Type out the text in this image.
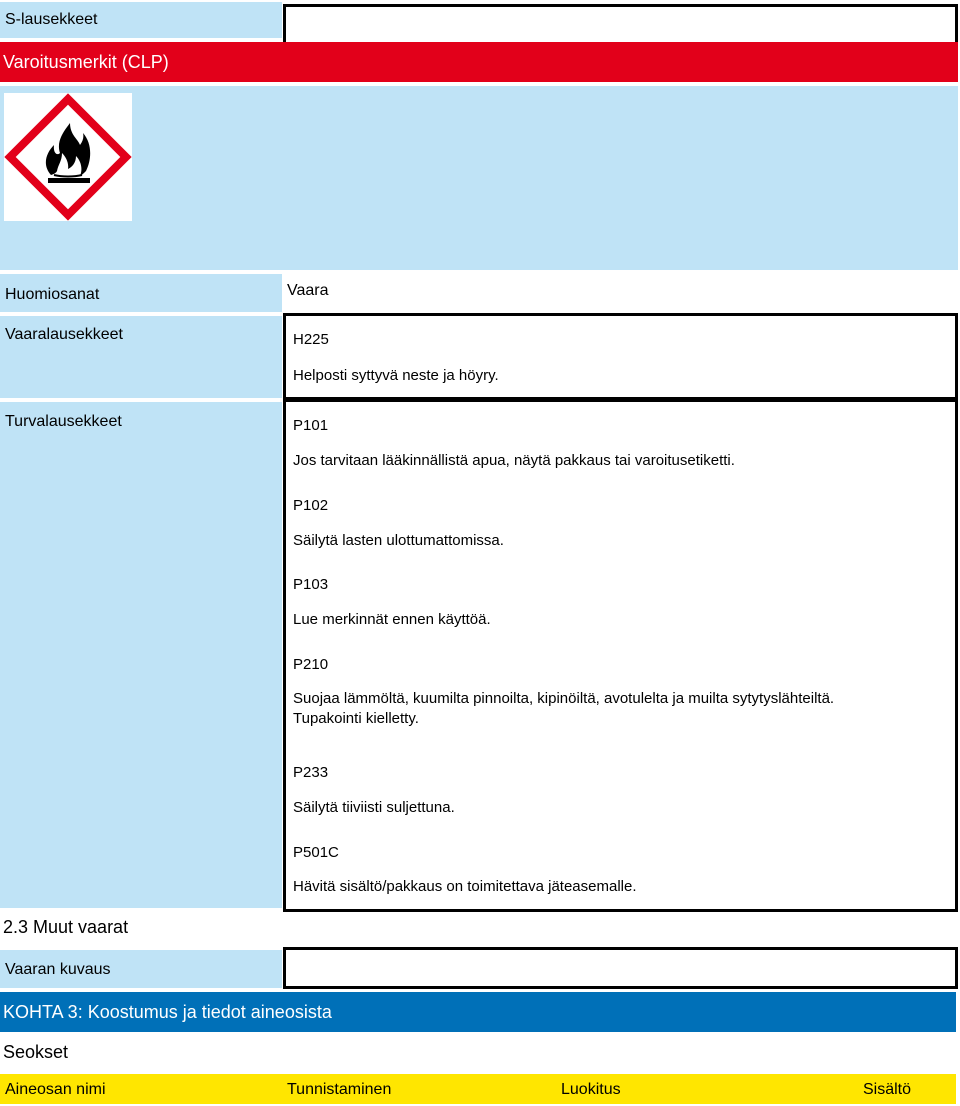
S-lausekkeet
Varoitusmerkit (CLP)
Huomiosanat	Vaara
Vaaralausekkeet	H225
Helposti syttyvä neste ja höyry.
Turvalausekkeet	P101
Jos tarvitaan lääkinnällistä apua, näytä pakkaus tai varoitusetiketti.
P102
Säilytä lasten ulottumattomissa.
P103
Lue merkinnät ennen käyttöä.
P210
Suojaa lämmöltä, kuumilta pinnoilta, kipinöiltä, avotulelta ja muilta sytytyslähteiltä. Tupakointi kielletty.
P233
Säilytä tiiviisti suljettuna.
P501C
Hävitä sisältö/pakkaus on toimitettava jäteasemalle.
2.3 Muut vaarat
Vaaran kuvaus
KOHTA 3: Koostumus ja tiedot aineosista
Seokset
Aineosan nimi	Tunnistaminen	Luokitus	Sisältö
